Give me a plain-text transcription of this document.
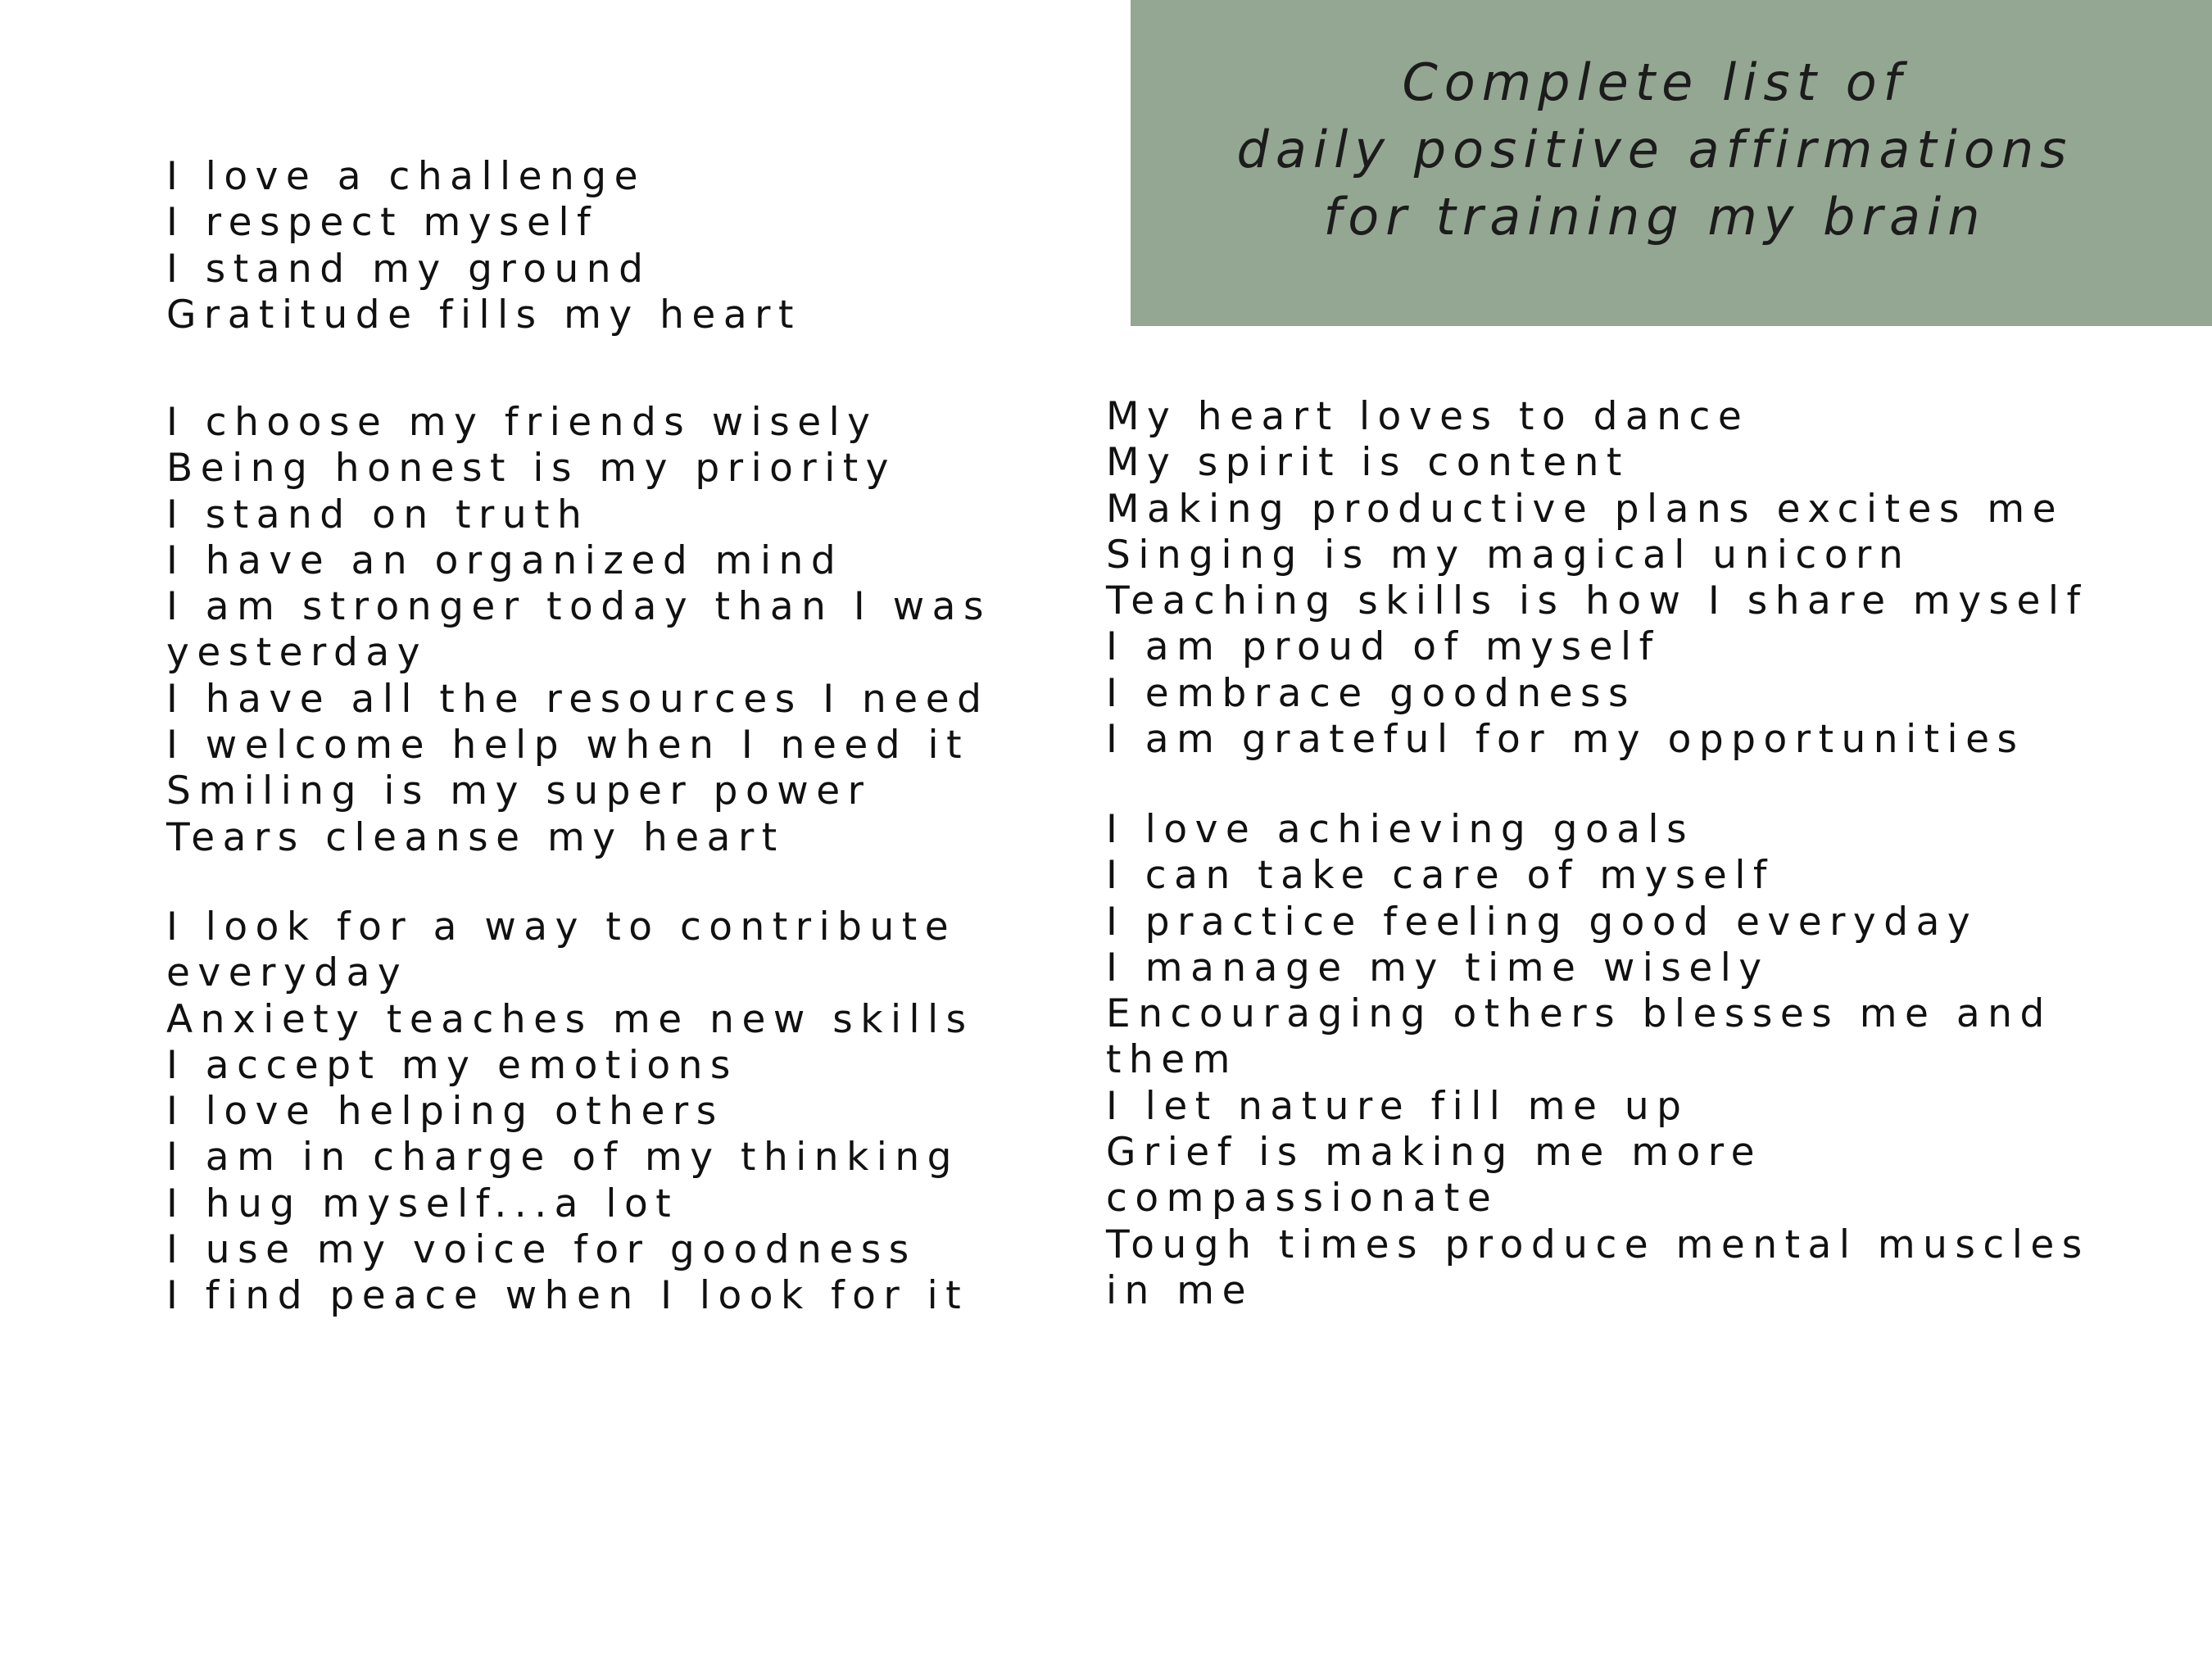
Complete list of
daily positive affirmations
for training my brain
I love a challenge
I respect myself
I stand my ground
Gratitude fills my heart
I choose my friends wisely
Being honest is my priority
I stand on truth
I have an organized mind
I am stronger today than I was
yesterday
I have all the resources I need
I welcome help when I need it
Smiling is my super power
Tears cleanse my heart
I look for a way to contribute
everyday
Anxiety teaches me new skills
I accept my emotions
I love helping others
I am in charge of my thinking
I hug myself...a lot
I use my voice for goodness
I find peace when I look for it
My heart loves to dance
My spirit is content
Making productive plans excites me
Singing is my magical unicorn
Teaching skills is how I share myself
I am proud of myself
I embrace goodness
I am grateful for my opportunities
I love achieving goals
I can take care of myself
I practice feeling good everyday
I manage my time wisely
Encouraging others blesses me and
them
I let nature fill me up
Grief is making me more
compassionate
Tough times produce mental muscles
in me
